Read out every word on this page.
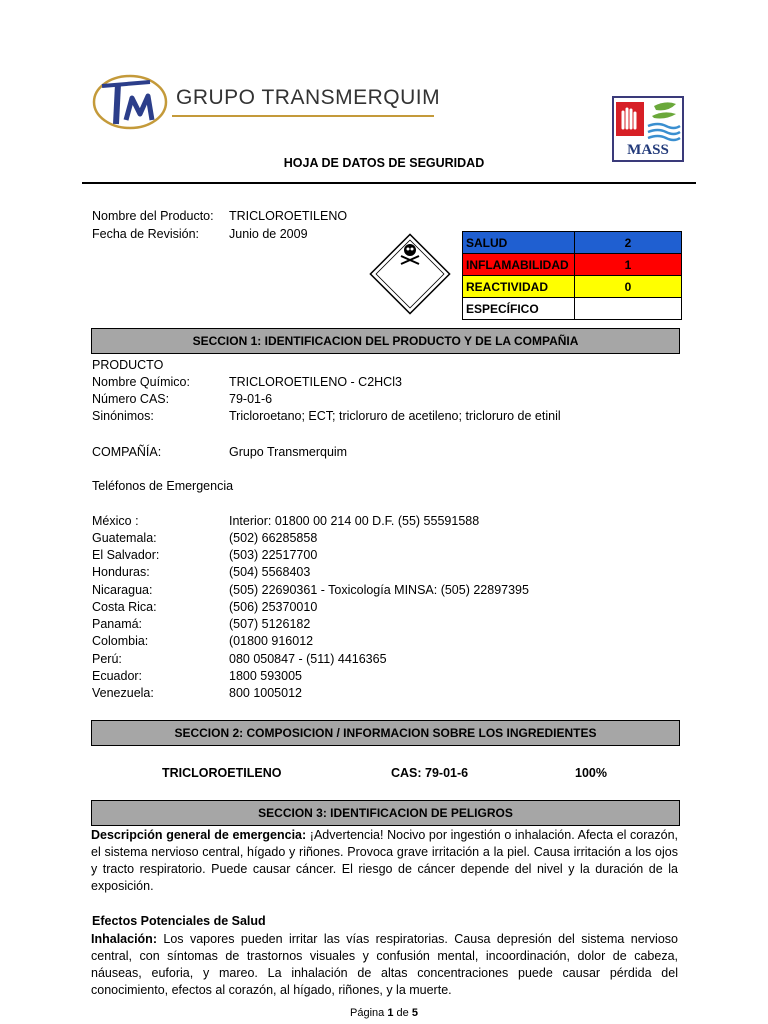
GRUPO TRANSMERQUIM
MASS
HOJA DE DATOS DE SEGURIDAD
Nombre del Producto: TRICLOROETILENO
Fecha de Revisión: Junio de 2009
SALUD	2
INFLAMABILIDAD	1
REACTIVIDAD	0
ESPECÍFICO	
SECCION 1: IDENTIFICACION DEL PRODUCTO Y DE LA COMPAÑIA
PRODUCTO
Nombre Químico:	TRICLOROETILENO - C2HCl3
Número CAS:	79-01-6
Sinónimos:	Tricloroetano; ECT; tricloruro de acetileno; tricloruro de etinil
COMPAÑÍA:	Grupo Transmerquim
Teléfonos de Emergencia
México :	Interior: 01800 00 214 00 D.F. (55) 55591588
Guatemala:	(502) 66285858
El Salvador:	(503) 22517700
Honduras:	(504) 5568403
Nicaragua:	(505) 22690361 - Toxicología MINSA: (505) 22897395
Costa Rica:	(506) 25370010
Panamá:	(507) 5126182
Colombia:	(01800 916012
Perú:	080 050847 - (511) 4416365
Ecuador:	1800 593005
Venezuela:	800 1005012
SECCION 2: COMPOSICION / INFORMACION SOBRE LOS INGREDIENTES
TRICLOROETILENO	CAS: 79-01-6	100%
SECCION 3: IDENTIFICACION DE PELIGROS
Descripción general de emergencia: ¡Advertencia! Nocivo por ingestión o inhalación. Afecta el corazón, el sistema nervioso central, hígado y riñones. Provoca grave irritación a la piel. Causa irritación a los ojos y tracto respiratorio. Puede causar cáncer. El riesgo de cáncer depende del nivel y la duración de la exposición.
Efectos Potenciales de Salud
Inhalación: Los vapores pueden irritar las vías respiratorias. Causa depresión del sistema nervioso central, con síntomas de trastornos visuales y confusión mental, incoordinación, dolor de cabeza, náuseas, euforia, y mareo. La inhalación de altas concentraciones puede causar pérdida del conocimiento, efectos al corazón, al hígado, riñones, y la muerte.
Página 1 de 5
